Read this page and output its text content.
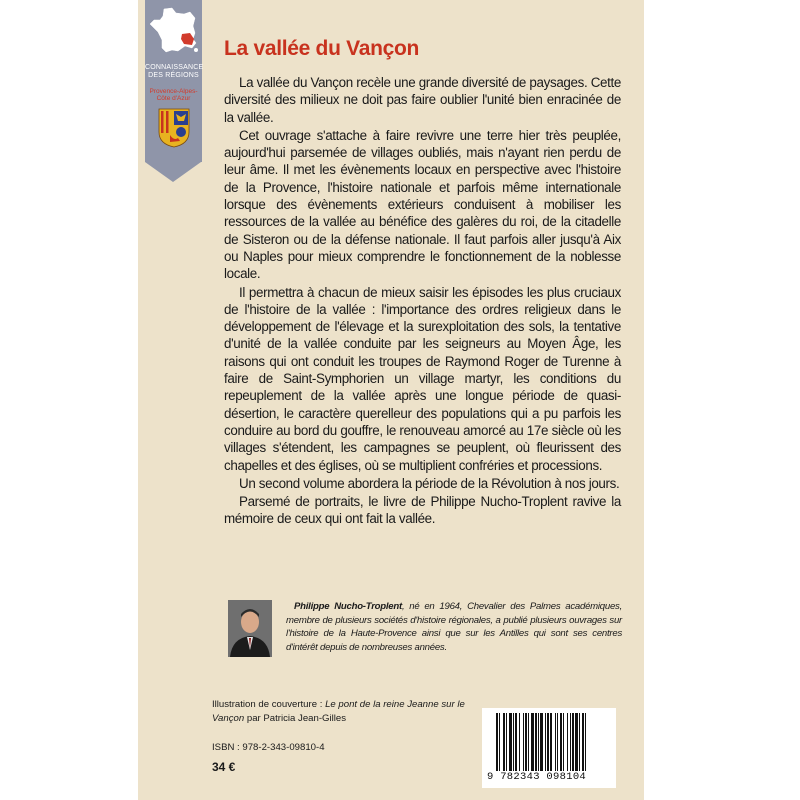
CONNAISSANCE DES RÉGIONS
Provence-Alpes-Côte d'Azur
La vallée du Vançon

La vallée du Vançon recèle une grande diversité de paysages. Cette diversité des milieux ne doit pas faire oublier l'unité bien enracinée de la vallée.

Cet ouvrage s'attache à faire revivre une terre hier très peuplée, aujourd'hui parsemée de villages oubliés, mais n'ayant rien perdu de leur âme. Il met les évènements locaux en perspective avec l'histoire de la Provence, l'histoire nationale et parfois même internationale lorsque des évènements extérieurs conduisent à mobiliser les ressources de la vallée au bénéfice des galères du roi, de la citadelle de Sisteron ou de la défense nationale. Il faut parfois aller jusqu'à Aix ou Naples pour mieux comprendre le fonctionnement de la noblesse locale.

Il permettra à chacun de mieux saisir les épisodes les plus cruciaux de l'histoire de la vallée : l'importance des ordres religieux dans le développement de l'élevage et la surexploitation des sols, la tentative d'unité de la vallée conduite par les seigneurs au Moyen Âge, les raisons qui ont conduit les troupes de Raymond Roger de Turenne à faire de Saint-Symphorien un village martyr, les conditions du repeuplement de la vallée après une longue période de quasi-désertion, le caractère querelleur des populations qui a pu parfois les conduire au bord du gouffre, le renouveau amorcé au 17e siècle où les villages s'étendent, les campagnes se peuplent, où fleurissent des chapelles et des églises, où se multiplient confréries et processions.

Un second volume abordera la période de la Révolution à nos jours.

Parsemé de portraits, le livre de Philippe Nucho-Troplent ravive la mémoire de ceux qui ont fait la vallée.

Philippe Nucho-Troplent, né en 1964, Chevalier des Palmes académiques, membre de plusieurs sociétés d'histoire régionales, a publié plusieurs ouvrages sur l'histoire de la Haute-Provence ainsi que sur les Antilles qui sont ses centres d'intérêt depuis de nombreuses années.
Illustration de couverture : Le pont de la reine Jeanne sur le Vançon par Patricia Jean-Gilles
ISBN : 978-2-343-09810-4
34 €
9 782343 098104
